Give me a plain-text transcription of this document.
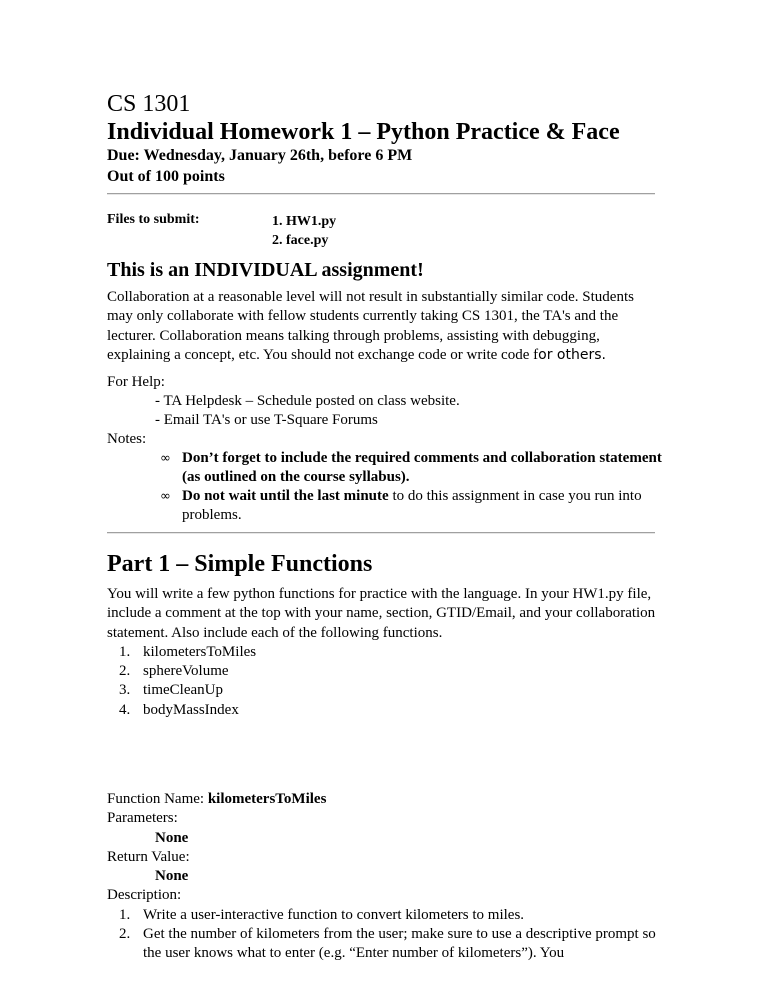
CS 1301
Individual Homework 1 – Python Practice & Face
Due: Wednesday, January 26th, before 6 PM
Out of 100 points
Files to submit:	1. HW1.py
2. face.py
This is an INDIVIDUAL assignment!
Collaboration at a reasonable level will not result in substantially similar code. Students may only collaborate with fellow students currently taking CS 1301, the TA's and the lecturer. Collaboration means talking through problems, assisting with debugging, explaining a concept, etc. You should not exchange code or write code for others.
For Help:
- TA Helpdesk – Schedule posted on class website.
- Email TA's or use T-Square Forums
Notes:
∞ Don’t forget to include the required comments and collaboration statement (as outlined on the course syllabus).
∞ Do not wait until the last minute to do this assignment in case you run into problems.
Part 1 – Simple Functions
You will write a few python functions for practice with the language. In your HW1.py file, include a comment at the top with your name, section, GTID/Email, and your collaboration statement. Also include each of the following functions.
1. kilometersToMiles
2. sphereVolume
3. timeCleanUp
4. bodyMassIndex
Function Name: kilometersToMiles
Parameters:
None
Return Value:
None
Description:
1. Write a user-interactive function to convert kilometers to miles.
2. Get the number of kilometers from the user; make sure to use a descriptive prompt so the user knows what to enter (e.g. “Enter number of kilometers”). You
